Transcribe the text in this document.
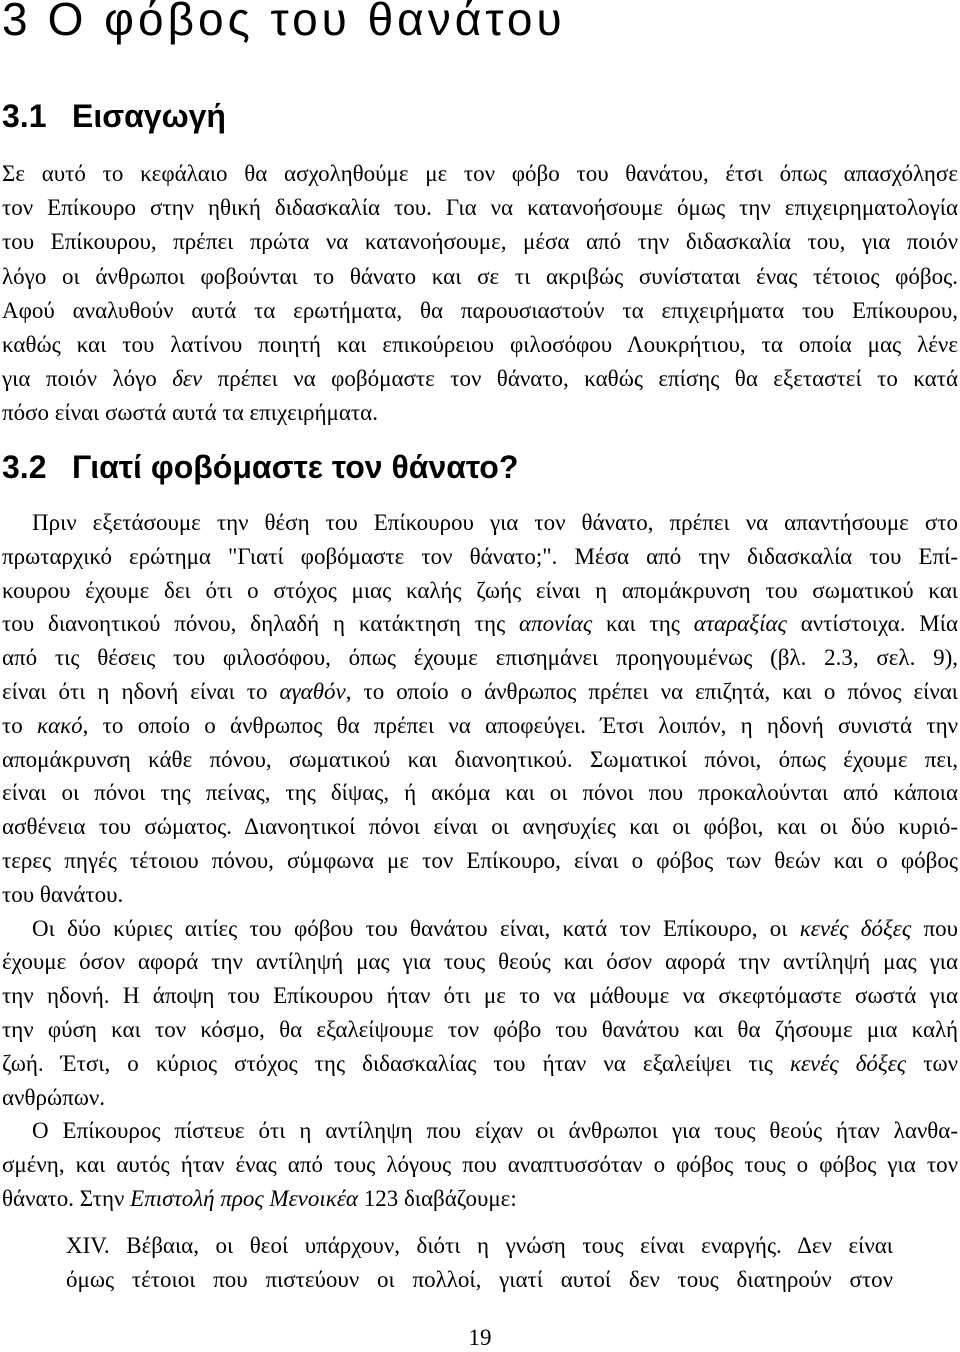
3 Ο φόβος του θανάτου
3.1 Εισαγωγή
Σε αυτό το κεφάλαιο θα ασχοληθούμε με τον φόβο του θανάτου, έτσι όπως απασχόλησε
τον Επίκουρο στην ηθική διδασκαλία του. Για να κατανοήσουμε όμως την επιχειρηματολογία
του Επίκουρου, πρέπει πρώτα να κατανοήσουμε, μέσα από την διδασκαλία του, για ποιόν
λόγο οι άνθρωποι φοβούνται το θάνατο και σε τι ακριβώς συνίσταται ένας τέτοιος φόβος.
Αφού αναλυθούν αυτά τα ερωτήματα, θα παρουσιαστούν τα επιχειρήματα του Επίκουρου,
καθώς και του λατίνου ποιητή και επικούρειου φιλοσόφου Λουκρήτιου, τα οποία μας λένε
για ποιόν λόγο δεν πρέπει να φοβόμαστε τον θάνατο, καθώς επίσης θα εξεταστεί το κατά
πόσο είναι σωστά αυτά τα επιχειρήματα.
3.2 Γιατί φοβόμαστε τον θάνατο?
Πριν εξετάσουμε την θέση του Επίκουρου για τον θάνατο, πρέπει να απαντήσουμε στο
πρωταρχικό ερώτημα "Γιατί φοβόμαστε τον θάνατο;". Μέσα από την διδασκαλία του Επί-
κουρου έχουμε δει ότι ο στόχος μιας καλής ζωής είναι η απομάκρυνση του σωματικού και
του διανοητικού πόνου, δηλαδή η κατάκτηση της απονίας και της αταραξίας αντίστοιχα. Μία
από τις θέσεις του φιλοσόφου, όπως έχουμε επισημάνει προηγουμένως (βλ. 2.3, σελ. 9),
είναι ότι η ηδονή είναι το αγαθόν, το οποίο ο άνθρωπος πρέπει να επιζητά, και ο πόνος είναι
το κακό, το οποίο ο άνθρωπος θα πρέπει να αποφεύγει. Έτσι λοιπόν, η ηδονή συνιστά την
απομάκρυνση κάθε πόνου, σωματικού και διανοητικού. Σωματικοί πόνοι, όπως έχουμε πει,
είναι οι πόνοι της πείνας, της δίψας, ή ακόμα και οι πόνοι που προκαλούνται από κάποια
ασθένεια του σώματος. Διανοητικοί πόνοι είναι οι ανησυχίες και οι φόβοι, και οι δύο κυριό-
τερες πηγές τέτοιου πόνου, σύμφωνα με τον Επίκουρο, είναι ο φόβος των θεών και ο φόβος
του θανάτου.
Οι δύο κύριες αιτίες του φόβου του θανάτου είναι, κατά τον Επίκουρο, οι κενές δόξες που
έχουμε όσον αφορά την αντίληψή μας για τους θεούς και όσον αφορά την αντίληψή μας για
την ηδονή. Η άποψη του Επίκουρου ήταν ότι με το να μάθουμε να σκεφτόμαστε σωστά για
την φύση και τον κόσμο, θα εξαλείψουμε τον φόβο του θανάτου και θα ζήσουμε μια καλή
ζωή. Έτσι, ο κύριος στόχος της διδασκαλίας του ήταν να εξαλείψει τις κενές δόξες των
ανθρώπων.
Ο Επίκουρος πίστευε ότι η αντίληψη που είχαν οι άνθρωποι για τους θεούς ήταν λανθα-
σμένη, και αυτός ήταν ένας από τους λόγους που αναπτυσσόταν ο φόβος τους ο φόβος για τον
θάνατο. Στην Επιστολή προς Μενοικέα 123 διαβάζουμε:
XIV. Βέβαια, οι θεοί υπάρχουν, διότι η γνώση τους είναι εναργής. Δεν είναι
όμως τέτοιοι που πιστεύουν οι πολλοί, γιατί αυτοί δεν τους διατηρούν στον
19
